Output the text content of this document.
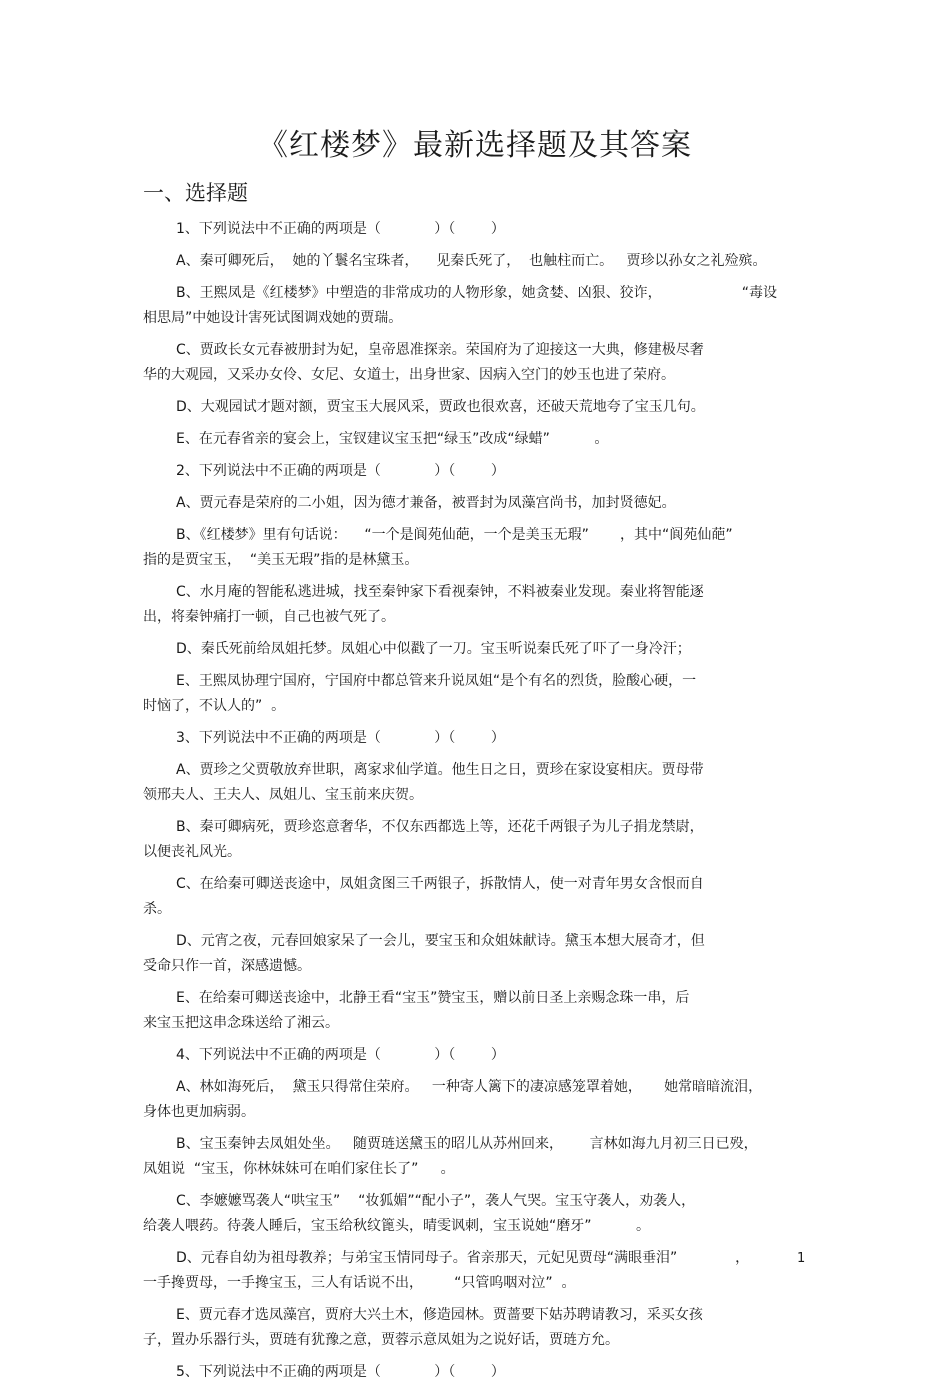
《红楼梦》最新选择题及其答案
一、选择题
1、下列说法中不正确的两项是（            ）（        ）
A、秦可卿死后，  她的丫鬟名宝珠者，    见秦氏死了，  也触柱而亡。   贾珍以孙女之礼殓殡。
B、王熙凤是《红楼梦》中塑造的非常成功的人物形象，她贪婪、凶狠、狡诈，                  “毒设
相思局”中她设计害死试图调戏她的贾瑞。
C、贾政长女元春被册封为妃，皇帝恩准探亲。荣国府为了迎接这一大典，修建极尽奢
华的大观园，又采办女伶、女尼、女道士，出身世家、因病入空门的妙玉也进了荣府。
D、大观园试才题对额，贾宝玉大展风采，贾政也很欢喜，还破天荒地夸了宝玉几句。
E、在元春省亲的宴会上，宝钗建议宝玉把“绿玉”改成“绿蜡”          。
2、下列说法中不正确的两项是（            ）（        ）
A、贾元春是荣府的二小姐，因为德才兼备，被晋封为凤藻宫尚书，加封贤德妃。
B、《红楼梦》里有句话说：    “一个是阆苑仙葩，一个是美玉无瑕”       ，其中“阆苑仙葩”
指的是贾宝玉，  “美玉无瑕”指的是林黛玉。
C、水月庵的智能私逃进城，找至秦钟家下看视秦钟，不料被秦业发现。秦业将智能逐
出，将秦钟痛打一顿，自己也被气死了。
D、秦氏死前给凤姐托梦。凤姐心中似戳了一刀。宝玉听说秦氏死了吓了一身冷汗；
E、王熙凤协理宁国府，宁国府中都总管来升说凤姐“是个有名的烈货，脸酸心硬，一
时恼了，不认人的”  。
3、下列说法中不正确的两项是（            ）（        ）
A、贾珍之父贾敬放弃世职，离家求仙学道。他生日之日，贾珍在家设宴相庆。贾母带
领邢夫人、王夫人、凤姐儿、宝玉前来庆贺。
B、秦可卿病死，贾珍恣意奢华，不仅东西都选上等，还花千两银子为儿子捐龙禁尉，
以便丧礼风光。
C、在给秦可卿送丧途中，凤姐贪图三千两银子，拆散情人，使一对青年男女含恨而自
杀。
D、元宵之夜，元春回娘家呆了一会儿，要宝玉和众姐妹献诗。黛玉本想大展奇才，但
受命只作一首，深感遗憾。
E、在给秦可卿送丧途中，北静王看“宝玉”赞宝玉，赠以前日圣上亲赐念珠一串，后
来宝玉把这串念珠送给了湘云。
4、下列说法中不正确的两项是（            ）（        ）
A、林如海死后，  黛玉只得常住荣府。   一种寄人篱下的凄凉感笼罩着她，     她常暗暗流泪，
身体也更加病弱。
B、宝玉秦钟去凤姐处坐。   随贾琏送黛玉的昭儿从苏州回来，      言林如海九月初三日已殁，
凤姐说  “宝玉，你林妹妹可在咱们家住长了”     。
C、李嬷嬷骂袭人“哄宝玉”    “妆狐媚”“配小子”，袭人气哭。宝玉守袭人，劝袭人，
给袭人喂药。待袭人睡后，宝玉给秋纹篦头，晴雯讽刺，宝玉说她“磨牙”          。
D、元春自幼为祖母教养；与弟宝玉情同母子。省亲那天，元妃见贾母“满眼垂泪”             ，
一手搀贾母，一手搀宝玉，三人有话说不出，       “只管呜咽对泣”  。
E、贾元春才选凤藻宫，贾府大兴土木，修造园林。贾蔷要下姑苏聘请教习，采买女孩
子，置办乐器行头，贾琏有犹豫之意，贾蓉示意凤姐为之说好话，贾琏方允。
5、下列说法中不正确的两项是（            ）（        ）
1
